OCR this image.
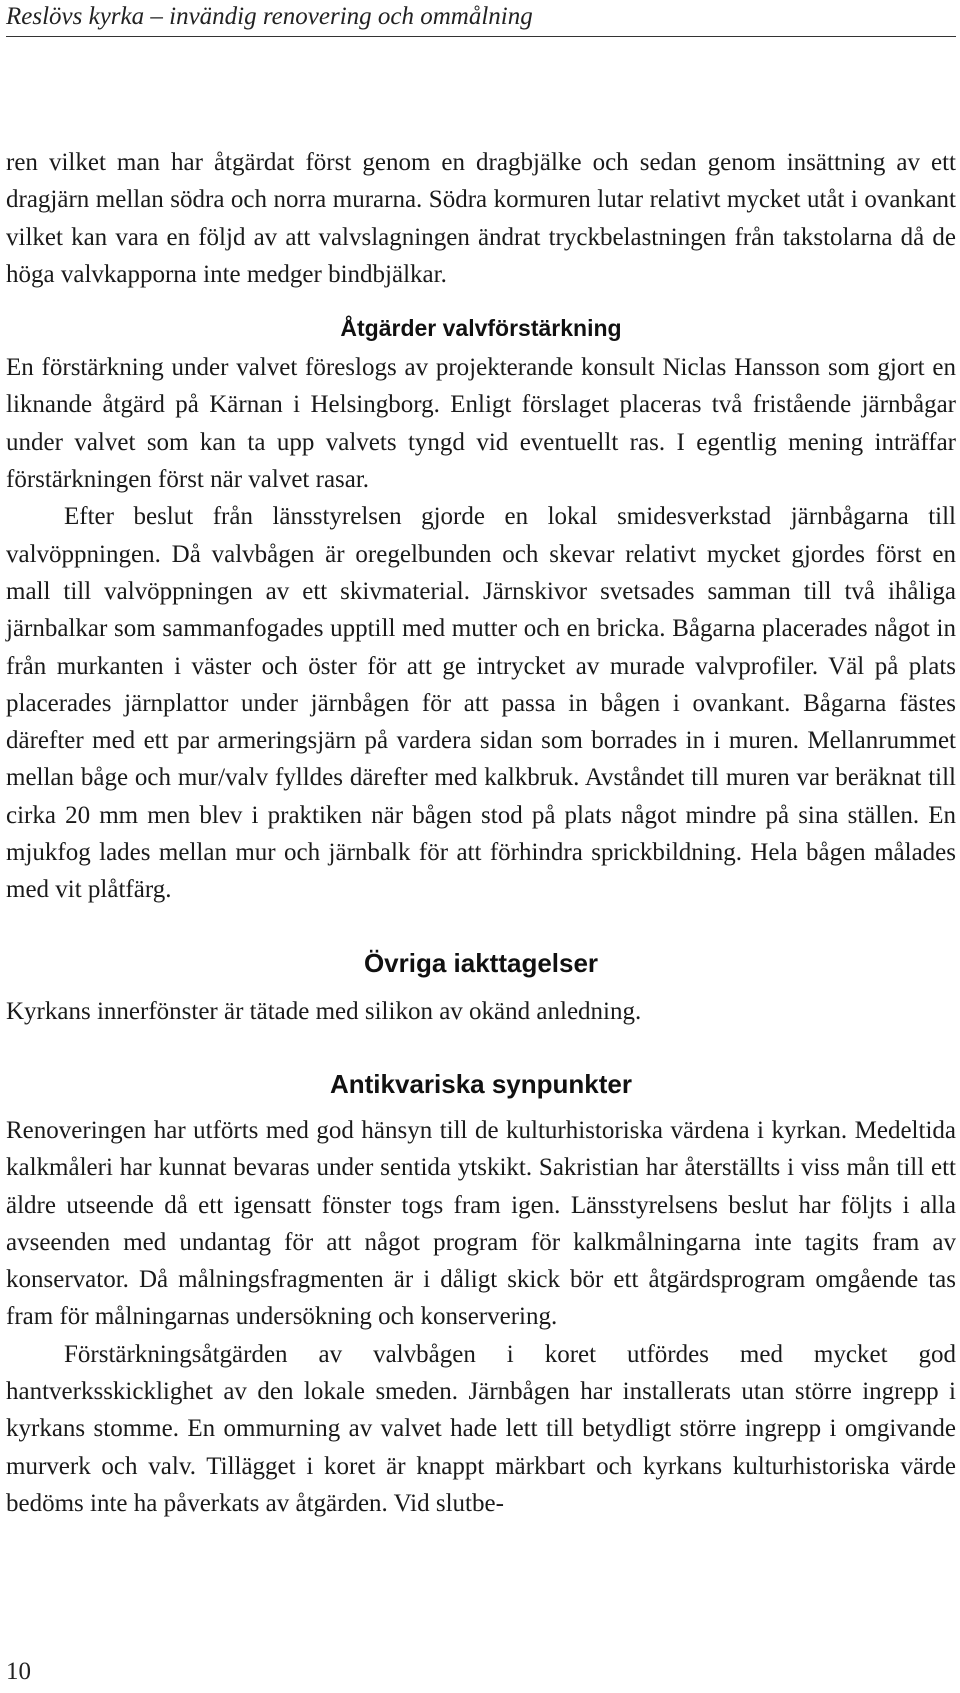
Reslövs kyrka – invändig renovering och ommålning

ren vilket man har åtgärdat först genom en dragbjälke och sedan genom insättning av ett dragjärn mellan södra och norra murarna. Södra kormuren lutar relativt mycket utåt i ovankant vilket kan vara en följd av att valvslagningen ändrat tryckbelastningen från takstolarna då de höga valvkapporna inte medger bindbjälkar.

Åtgärder valvförstärkning

En förstärkning under valvet föreslogs av projekterande konsult Niclas Hansson som gjort en liknande åtgärd på Kärnan i Helsingborg. Enligt förslaget placeras två fristående järnbågar under valvet som kan ta upp valvets tyngd vid eventuellt ras. I egentlig mening inträffar förstärkningen först när valvet rasar.

Efter beslut från länsstyrelsen gjorde en lokal smidesverkstad järnbågarna till valvöppningen. Då valvbågen är oregelbunden och skevar relativt mycket gjordes först en mall till valvöppningen av ett skivmaterial. Järnskivor svetsades samman till två ihåliga järnbalkar som sammanfogades upptill med mutter och en bricka. Bågarna placerades något in från murkanten i väster och öster för att ge intrycket av murade valvprofiler. Väl på plats placerades järnplattor under järnbågen för att passa in bågen i ovankant. Bågarna fästes därefter med ett par armeringsjärn på vardera sidan som borrades in i muren. Mellanrummet mellan båge och mur/valv fylldes därefter med kalkbruk. Avståndet till muren var beräknat till cirka 20 mm men blev i praktiken när bågen stod på plats något mindre på sina ställen. En mjukfog lades mellan mur och järnbalk för att förhindra sprickbildning. Hela bågen målades med vit plåtfärg.

Övriga iakttagelser

Kyrkans innerfönster är tätade med silikon av okänd anledning.

Antikvariska synpunkter

Renoveringen har utförts med god hänsyn till de kulturhistoriska värdena i kyrkan. Medeltida kalkmåleri har kunnat bevaras under sentida ytskikt. Sakristian har återställts i viss mån till ett äldre utseende då ett igensatt fönster togs fram igen. Länsstyrelsens beslut har följts i alla avseenden med undantag för att något program för kalkmålningarna inte tagits fram av konservator. Då målningsfragmenten är i dåligt skick bör ett åtgärdsprogram omgående tas fram för målningarnas undersökning och konservering.

Förstärkningsåtgärden av valvbågen i koret utfördes med mycket god hantverksskicklighet av den lokale smeden. Järnbågen har installerats utan större ingrepp i kyrkans stomme. En ommurning av valvet hade lett till betydligt större ingrepp i omgivande murverk och valv. Tillägget i koret är knappt märkbart och kyrkans kulturhistoriska värde bedöms inte ha påverkats av åtgärden. Vid slutbe-

10
